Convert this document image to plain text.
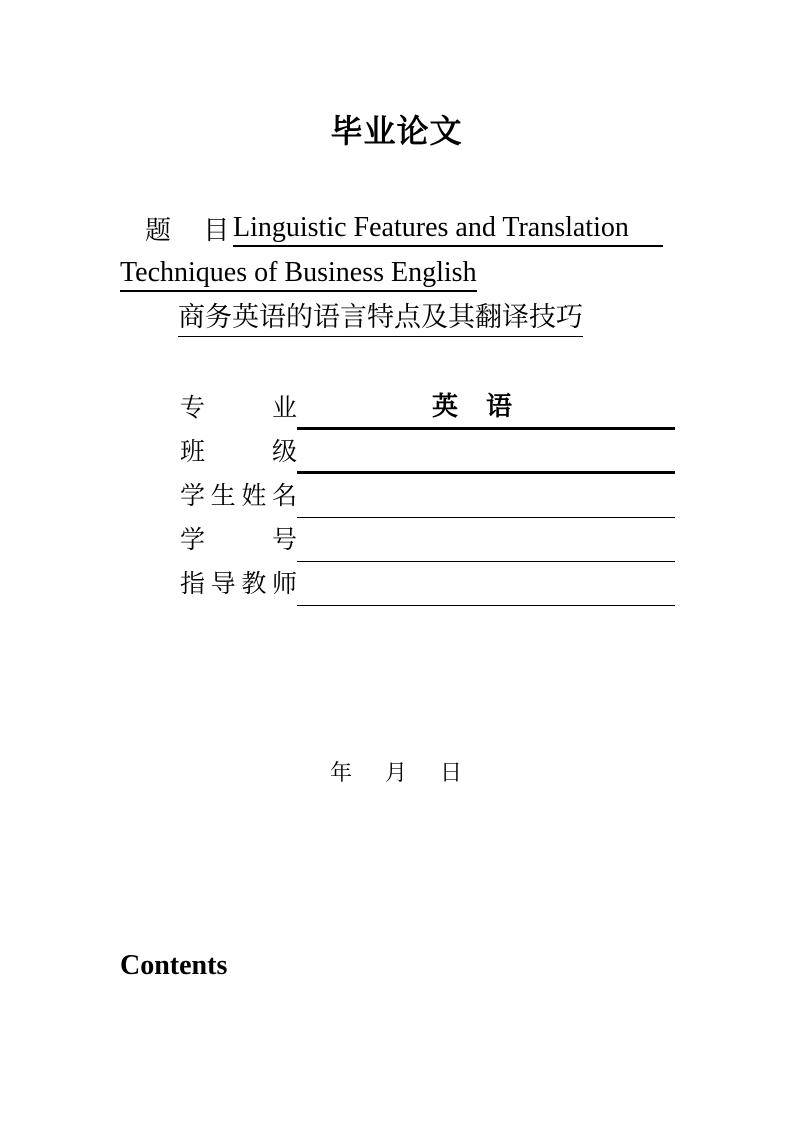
毕业论文
题 目
Linguistic Features and Translation
Techniques of Business English
商务英语的语言特点及其翻译技巧
专	业	英语
班	级
学 生 姓 名
学	号
指 导 教 师
年 月 日
Contents
